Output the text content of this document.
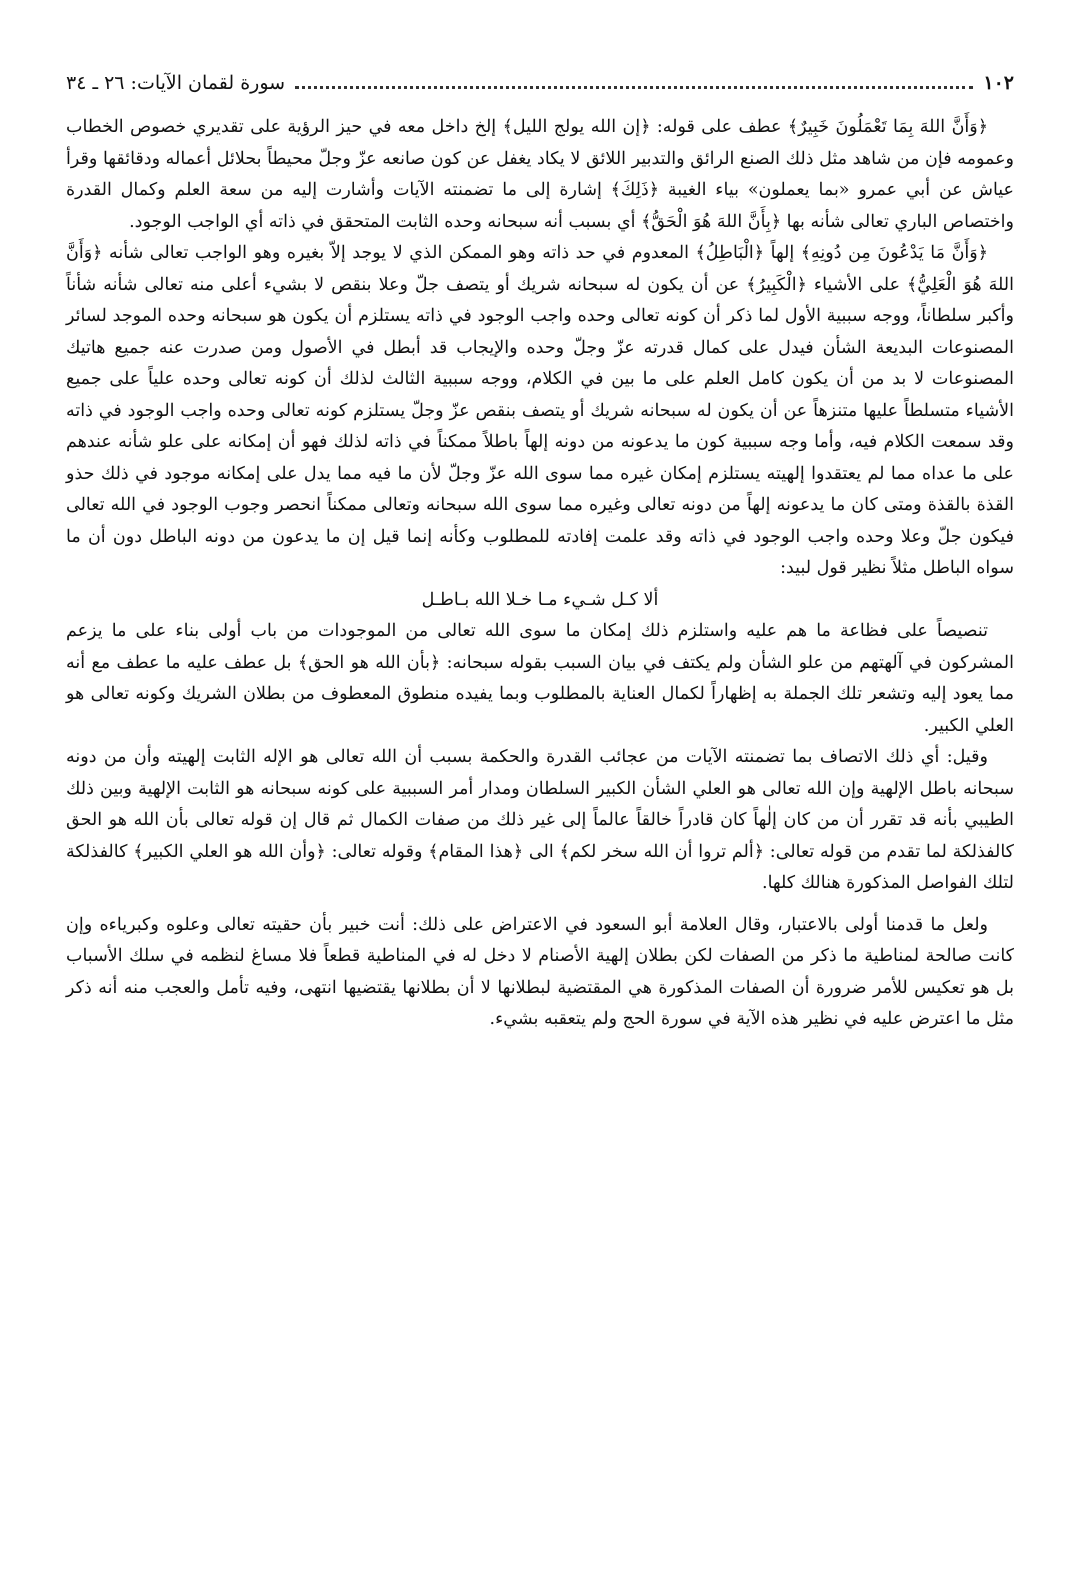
١٠٢
سورة لقمان الآيات: ٢٦ ـ ٣٤

﴿وَأَنَّ اللهَ بِمَا تَعْمَلُونَ خَبِيرٌ﴾ عطف على قوله: ﴿إن الله يولج الليل﴾ إلخ داخل معه في حيز الرؤية على تقديري خصوص الخطاب وعمومه فإن من شاهد مثل ذلك الصنع الرائق والتدبير اللائق لا يكاد يغفل عن كون صانعه عزّ وجلّ محيطاً بحلائل أعماله ودقائقها وقرأ عياش عن أبي عمرو «بما يعملون» بياء الغيبة ﴿ذَلِكَ﴾ إشارة إلى ما تضمنته الآيات وأشارت إليه من سعة العلم وكمال القدرة واختصاص الباري تعالى شأنه بها ﴿بِأَنَّ اللهَ هُوَ الْحَقُّ﴾ أي بسبب أنه سبحانه وحده الثابت المتحقق في ذاته أي الواجب الوجود.

﴿وَأَنَّ مَا يَدْعُونَ مِن دُونِهِ﴾ إلهاً ﴿الْبَاطِلُ﴾ المعدوم في حد ذاته وهو الممكن الذي لا يوجد إلاّ بغيره وهو الواجب تعالى شأنه ﴿وَأَنَّ اللهَ هُوَ الْعَلِيُّ﴾ على الأشياء ﴿الْكَبِيرُ﴾ عن أن يكون له سبحانه شريك أو يتصف جلّ وعلا بنقص لا بشيء أعلى منه تعالى شأنه شأناً وأكبر سلطاناً، ووجه سببية الأول لما ذكر أن كونه تعالى وحده واجب الوجود في ذاته يستلزم أن يكون هو سبحانه وحده الموجد لسائر المصنوعات البديعة الشأن فيدل على كمال قدرته عزّ وجلّ وحده والإيجاب قد أبطل في الأصول ومن صدرت عنه جميع هاتيك المصنوعات لا بد من أن يكون كامل العلم على ما بين في الكلام، ووجه سببية الثالث لذلك أن كونه تعالى وحده علياً على جميع الأشياء متسلطاً عليها متنزهاً عن أن يكون له سبحانه شريك أو يتصف بنقص عزّ وجلّ يستلزم كونه تعالى وحده واجب الوجود في ذاته وقد سمعت الكلام فيه، وأما وجه سببية كون ما يدعونه من دونه إلهاً باطلاً ممكناً في ذاته لذلك فهو أن إمكانه على علو شأنه عندهم على ما عداه مما لم يعتقدوا إلهيته يستلزم إمكان غيره مما سوى الله عزّ وجلّ لأن ما فيه مما يدل على إمكانه موجود في ذلك حذو القذة بالقذة ومتى كان ما يدعونه إلهاً من دونه تعالى وغيره مما سوى الله سبحانه وتعالى ممكناً انحصر وجوب الوجود في الله تعالى فيكون جلّ وعلا وحده واجب الوجود في ذاته وقد علمت إفادته للمطلوب وكأنه إنما قيل إن ما يدعون من دونه الباطل دون أن ما سواه الباطل مثلاً نظير قول لبيد:

ألا كـل شـيء مـا خـلا الله بـاطـل

تنصيصاً على فظاعة ما هم عليه واستلزم ذلك إمكان ما سوى الله تعالى من الموجودات من باب أولى بناء على ما يزعم المشركون في آلهتهم من علو الشأن ولم يكتف في بيان السبب بقوله سبحانه: ﴿بأن الله هو الحق﴾ بل عطف عليه ما عطف مع أنه مما يعود إليه وتشعر تلك الجملة به إظهاراً لكمال العناية بالمطلوب وبما يفيده منطوق المعطوف من بطلان الشريك وكونه تعالى هو العلي الكبير.

وقيل: أي ذلك الاتصاف بما تضمنته الآيات من عجائب القدرة والحكمة بسبب أن الله تعالى هو الإله الثابت إلهيته وأن من دونه سبحانه باطل الإلهية وإن الله تعالى هو العلي الشأن الكبير السلطان ومدار أمر السببية على كونه سبحانه هو الثابت الإلهية وبين ذلك الطيبي بأنه قد تقرر أن من كان إلٰهاً كان قادراً خالقاً عالماً إلى غير ذلك من صفات الكمال ثم قال إن قوله تعالى بأن الله هو الحق كالفذلكة لما تقدم من قوله تعالى: ﴿ألم تروا أن الله سخر لكم﴾ الى ﴿هذا المقام﴾ وقوله تعالى: ﴿وأن الله هو العلي الكبير﴾ كالفذلكة لتلك الفواصل المذكورة هنالك كلها.

ولعل ما قدمنا أولى بالاعتبار، وقال العلامة أبو السعود في الاعتراض على ذلك: أنت خبير بأن حقيته تعالى وعلوه وكبرياءه وإن كانت صالحة لمناطية ما ذكر من الصفات لكن بطلان إلهية الأصنام لا دخل له في المناطية قطعاً فلا مساغ لنظمه في سلك الأسباب بل هو تعكيس للأمر ضرورة أن الصفات المذكورة هي المقتضية لبطلانها لا أن بطلانها يقتضيها انتهى، وفيه تأمل والعجب منه أنه ذكر مثل ما اعترض عليه في نظير هذه الآية في سورة الحج ولم يتعقبه بشيء.
